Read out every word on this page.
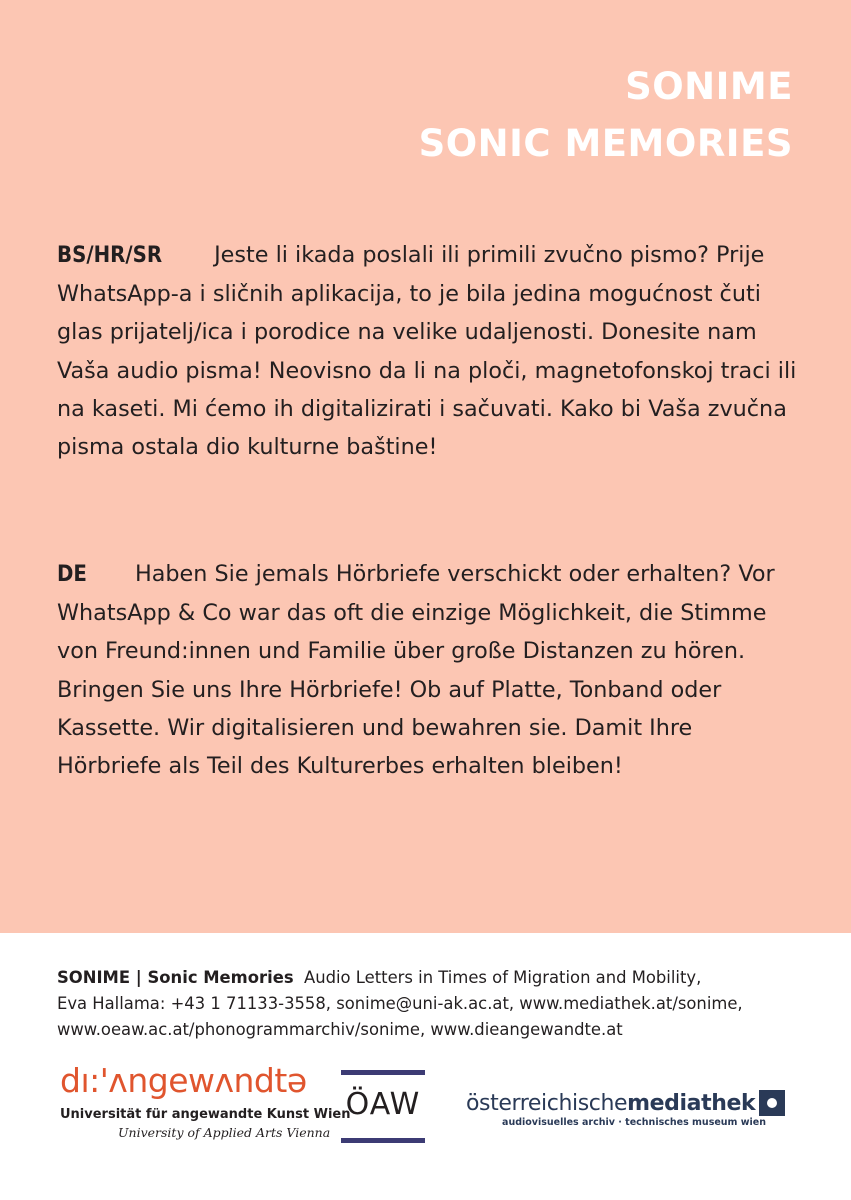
SONIME
SONIC MEMORIES
BS/HR/SR Jeste li ikada poslali ili primili zvučno pismo? Prije WhatsApp-a i sličnih aplikacija, to je bila jedina mogućnost čuti glas prijatelj/ica i porodice na velike udaljenosti. Donesite nam Vaša audio pisma! Neovisno da li na ploči, magnetofonskoj traci ili na kaseti. Mi ćemo ih digitalizirati i sačuvati. Kako bi Vaša zvučna pisma ostala dio kulturne baštine!
DE Haben Sie jemals Hörbriefe verschickt oder erhalten? Vor WhatsApp & Co war das oft die einzige Möglichkeit, die Stimme von Freund:innen und Familie über große Distanzen zu hören. Bringen Sie uns Ihre Hörbriefe! Ob auf Platte, Tonband oder Kassette. Wir digitalisieren und bewahren sie. Damit Ihre Hörbriefe als Teil des Kulturerbes erhalten bleiben!
SONIME | Sonic Memories Audio Letters in Times of Migration and Mobility,
Eva Hallama: +43 1 71133-3558, sonime@uni-ak.ac.at, www.mediathek.at/sonime,
www.oeaw.ac.at/phonogrammarchiv/sonime, www.dieangewandte.at
dı:'ʌngewʌndtə
Universität für angewandte Kunst Wien
University of Applied Arts Vienna
ÖAW österreichische mediathek
audiovisuelles archiv · technisches museum wien
